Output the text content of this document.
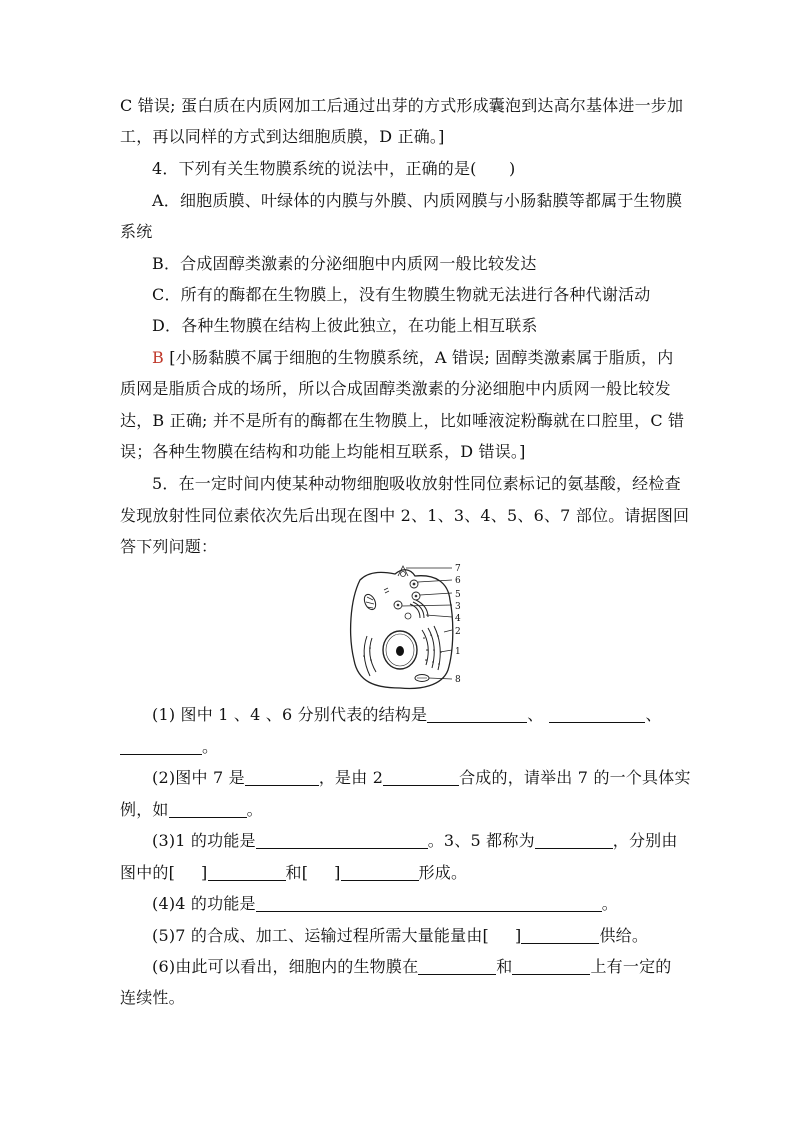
C 错误; 蛋白质在内质网加工后通过出芽的方式形成囊泡到达高尔基体进一步加
工，再以同样的方式到达细胞质膜，D 正确。]
4．下列有关生物膜系统的说法中，正确的是(　　)
A．细胞质膜、叶绿体的内膜与外膜、内质网膜与小肠黏膜等都属于生物膜
系统
B．合成固醇类激素的分泌细胞中内质网一般比较发达
C．所有的酶都在生物膜上，没有生物膜生物就无法进行各种代谢活动
D．各种生物膜在结构上彼此独立，在功能上相互联系
B [小肠黏膜不属于细胞的生物膜系统，A 错误; 固醇类激素属于脂质，内
质网是脂质合成的场所，所以合成固醇类激素的分泌细胞中内质网一般比较发
达，B 正确; 并不是所有的酶都在生物膜上，比如唾液淀粉酶就在口腔里，C 错
误；各种生物膜在结构和功能上均能相互联系，D 错误。]
5．在一定时间内使某种动物细胞吸收放射性同位素标记的氨基酸，经检查
发现放射性同位素依次先后出现在图中 2、1、3、4、5、6、7 部位。请据图回
答下列问题：
7
6
5
3
4
2
1
8
(1) 图中 1 、4 、6 分别代表的结构是	、	、
。
(2)图中 7 是	，是由 2	合成的，请举出 7 的一个具体实
例，如	。
(3)1 的功能是	。3、5 都称为	，分别由
图中的[ ]	和[ ]	形成。
(4)4 的功能是	。
(5)7 的合成、加工、运输过程所需大量能量由[ ]	供给。
(6)由此可以看出，细胞内的生物膜在	和	上有一定的
连续性。
